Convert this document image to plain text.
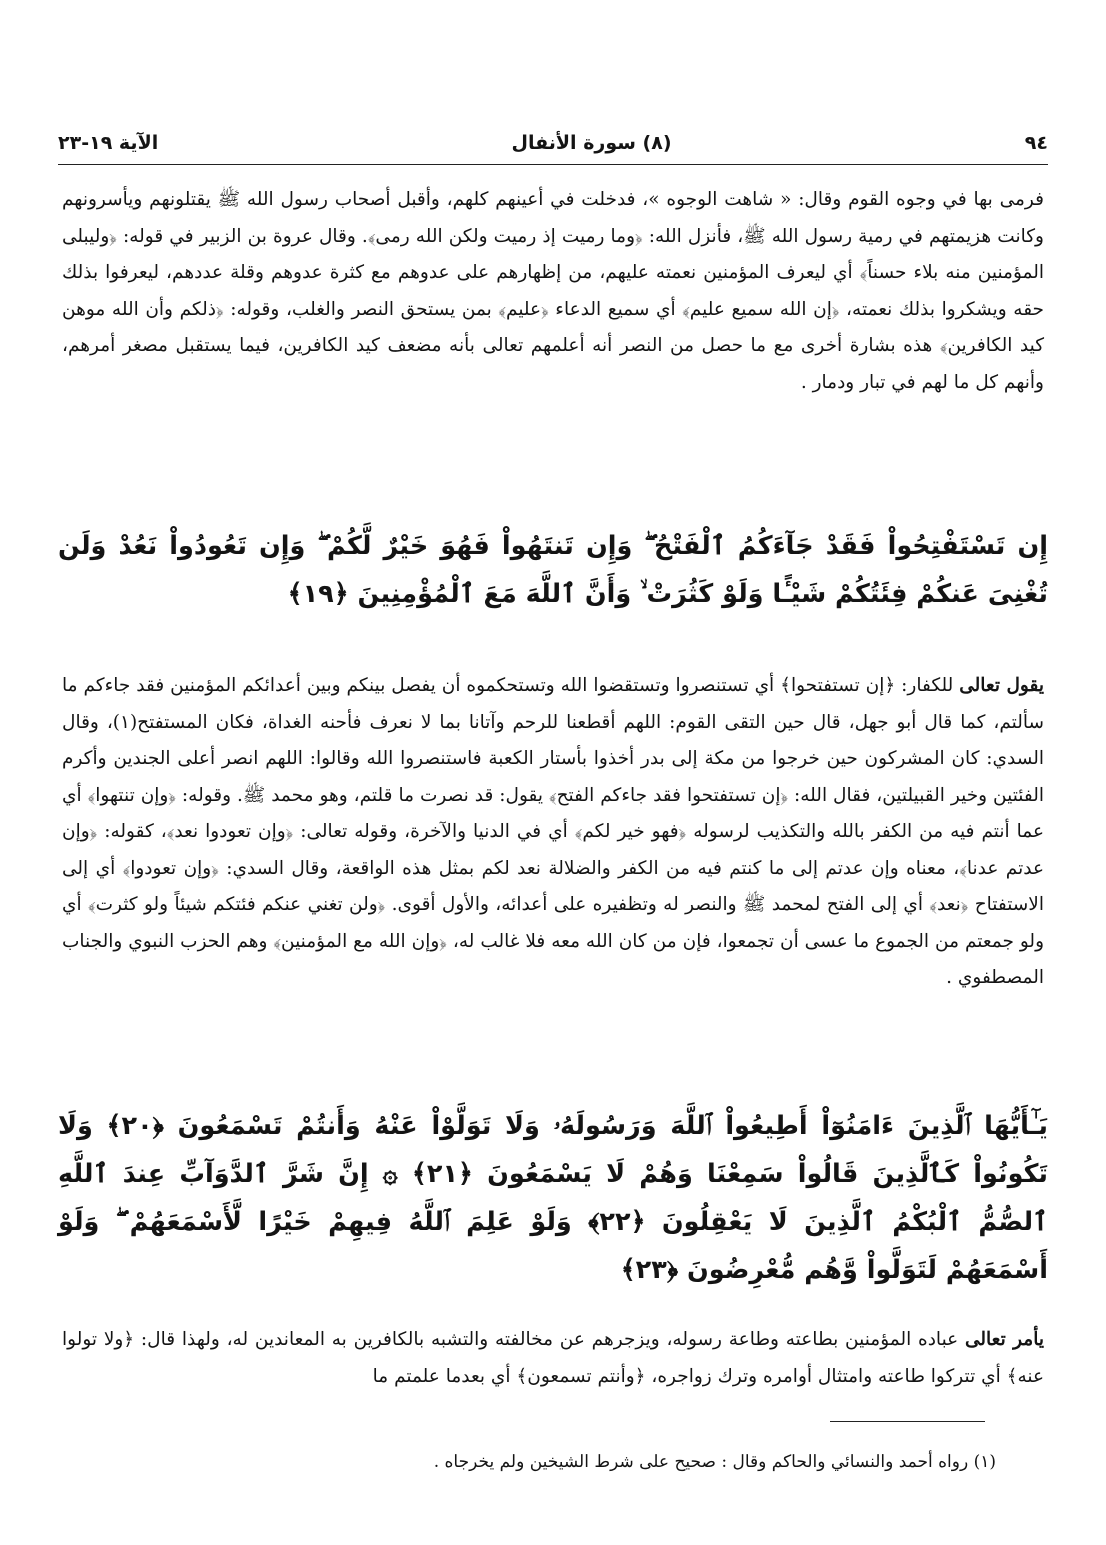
٩٤
(٨) سورة الأنفال
الآية ١٩-٢٣
فرمى بها في وجوه القوم وقال: « شاهت الوجوه »، فدخلت في أعينهم كلهم، وأقبل أصحاب رسول الله ﷺ يقتلونهم ويأسرونهم وكانت هزيمتهم في رمية رسول الله ﷺ، فأنزل الله: ﴿وما رميت إذ رميت ولكن الله رمى﴾. وقال عروة بن الزبير في قوله: ﴿وليبلى المؤمنين منه بلاء حسناً﴾ أي ليعرف المؤمنين نعمته عليهم، من إظهارهم على عدوهم مع كثرة عدوهم وقلة عددهم، ليعرفوا بذلك حقه ويشكروا بذلك نعمته، ﴿إن الله سميع عليم﴾ أي سميع الدعاء ﴿عليم﴾ بمن يستحق النصر والغلب، وقوله: ﴿ذلكم وأن الله موهن كيد الكافرين﴾ هذه بشارة أخرى مع ما حصل من النصر أنه أعلمهم تعالى بأنه مضعف كيد الكافرين، فيما يستقبل مصغر أمرهم، وأنهم كل ما لهم في تبار ودمار .
إِن تَسْتَفْتِحُواْ فَقَدْ جَآءَكُمُ ٱلْفَتْحُ ۖ وَإِن تَنتَهُواْ فَهُوَ خَيْرٌ لَّكُمْ ۖ وَإِن تَعُودُواْ نَعُدْ وَلَن تُغْنِىَ عَنكُمْ فِئَتُكُمْ شَيْـًٔا وَلَوْ كَثُرَتْ ۙ وَأَنَّ ٱللَّهَ مَعَ ٱلْمُؤْمِنِينَ ﴿١٩﴾
يقول تعالى للكفار: ﴿إن تستفتحوا﴾ أي تستنصروا وتستقضوا الله وتستحكموه أن يفصل بينكم وبين أعدائكم المؤمنين فقد جاءكم ما سألتم، كما قال أبو جهل، قال حين التقى القوم: اللهم أقطعنا للرحم وآتانا بما لا نعرف فأحنه الغداة، فكان المستفتح(١)، وقال السدي: كان المشركون حين خرجوا من مكة إلى بدر أخذوا بأستار الكعبة فاستنصروا الله وقالوا: اللهم انصر أعلى الجندين وأكرم الفئتين وخير القبيلتين، فقال الله: ﴿إن تستفتحوا فقد جاءكم الفتح﴾ يقول: قد نصرت ما قلتم، وهو محمد ﷺ. وقوله: ﴿وإن تنتهوا﴾ أي عما أنتم فيه من الكفر بالله والتكذيب لرسوله ﴿فهو خير لكم﴾ أي في الدنيا والآخرة، وقوله تعالى: ﴿وإن تعودوا نعد﴾، كقوله: ﴿وإن عدتم عدنا﴾، معناه وإن عدتم إلى ما كنتم فيه من الكفر والضلالة نعد لكم بمثل هذه الواقعة، وقال السدي: ﴿وإن تعودوا﴾ أي إلى الاستفتاح ﴿نعد﴾ أي إلى الفتح لمحمد ﷺ والنصر له وتظفيره على أعدائه، والأول أقوى. ﴿ولن تغني عنكم فئتكم شيئاً ولو كثرت﴾ أي ولو جمعتم من الجموع ما عسى أن تجمعوا، فإن من كان الله معه فلا غالب له، ﴿وإن الله مع المؤمنين﴾ وهم الحزب النبوي والجناب المصطفوي .
يَـٰٓأَيُّهَا ٱلَّذِينَ ءَامَنُوٓاْ أَطِيعُواْ ٱللَّهَ وَرَسُولَهُۥ وَلَا تَوَلَّوْاْ عَنْهُ وَأَنتُمْ تَسْمَعُونَ ﴿٢٠﴾ وَلَا تَكُونُواْ كَٱلَّذِينَ قَالُواْ سَمِعْنَا وَهُمْ لَا يَسْمَعُونَ ﴿٢١﴾ ۞ إِنَّ شَرَّ ٱلدَّوَآبِّ عِندَ ٱللَّهِ ٱلصُّمُّ ٱلْبُكْمُ ٱلَّذِينَ لَا يَعْقِلُونَ ﴿٢٢﴾ وَلَوْ عَلِمَ ٱللَّهُ فِيهِمْ خَيْرًا لَّأَسْمَعَهُمْ ۖ وَلَوْ أَسْمَعَهُمْ لَتَوَلَّواْ وَّهُم مُّعْرِضُونَ ﴿٢٣﴾
يأمر تعالى عباده المؤمنين بطاعته وطاعة رسوله، ويزجرهم عن مخالفته والتشبه بالكافرين به المعاندين له، ولهذا قال: ﴿ولا تولوا عنه﴾ أي تتركوا طاعته وامتثال أوامره وترك زواجره، ﴿وأنتم تسمعون﴾ أي بعدما علمتم ما
(١) رواه أحمد والنسائي والحاكم وقال : صحيح على شرط الشيخين ولم يخرجاه .
